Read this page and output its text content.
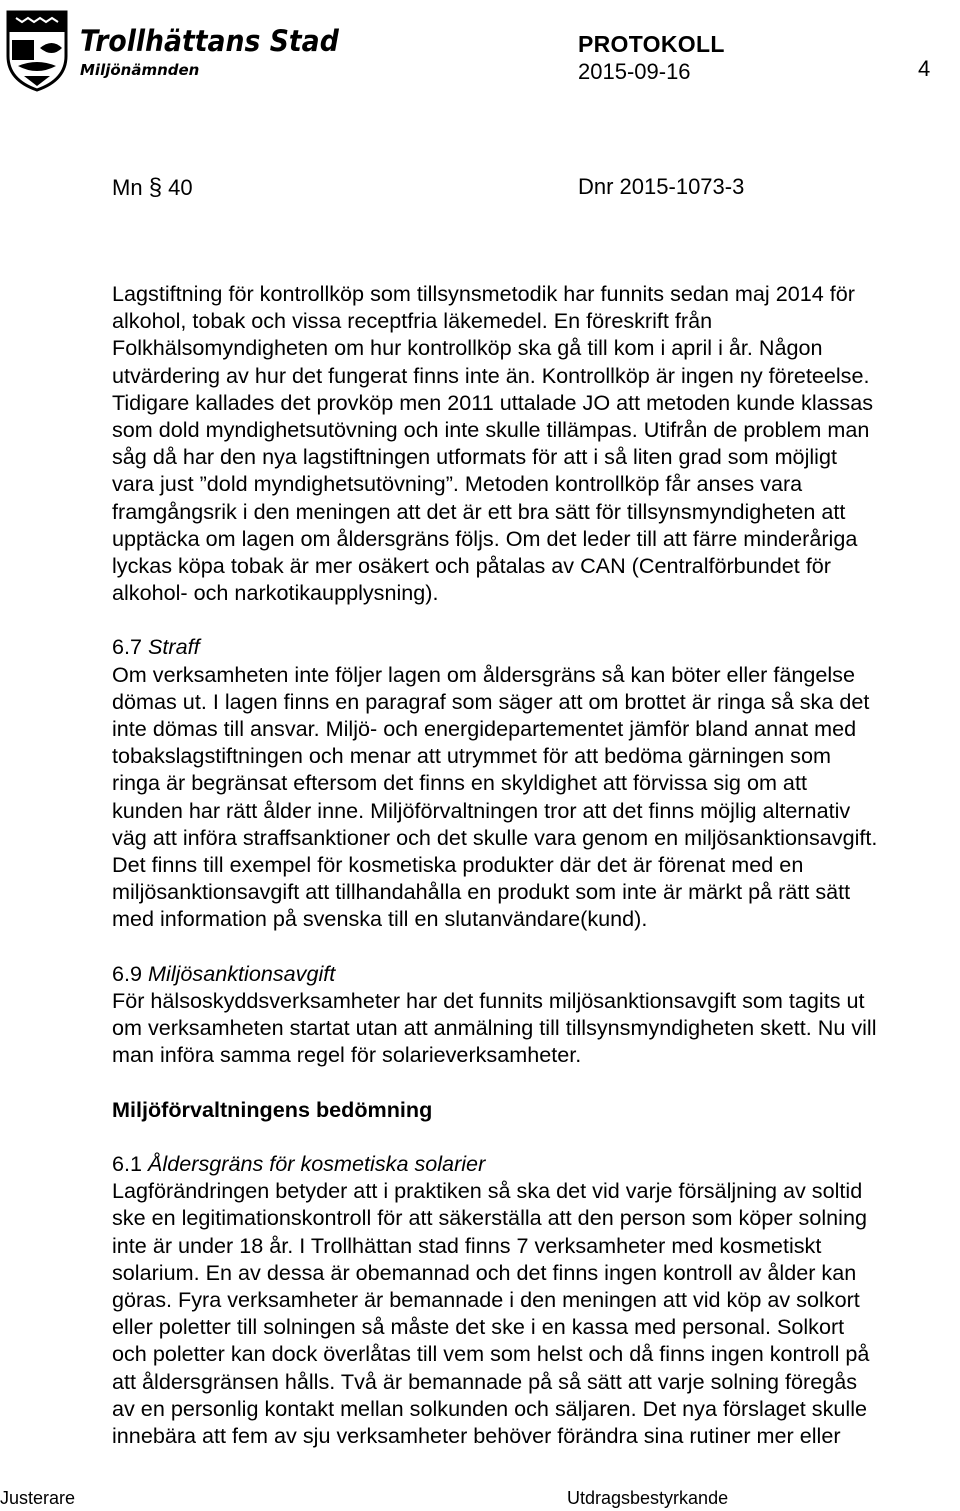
Trollhättans Stad
Miljönämnden
PROTOKOLL
2015-09-16	4
Mn § 40	Dnr 2015-1073-3
Lagstiftning för kontrollköp som tillsynsmetodik har funnits sedan maj 2014 för
alkohol, tobak och vissa receptfria läkemedel. En föreskrift från
Folkhälsomyndigheten om hur kontrollköp ska gå till kom i april i år. Någon
utvärdering av hur det fungerat finns inte än. Kontrollköp är ingen ny företeelse.
Tidigare kallades det provköp men 2011 uttalade JO att metoden kunde klassas
som dold myndighetsutövning och inte skulle tillämpas. Utifrån de problem man
såg då har den nya lagstiftningen utformats för att i så liten grad som möjligt
vara just ”dold myndighetsutövning”. Metoden kontrollköp får anses vara
framgångsrik i den meningen att det är ett bra sätt för tillsynsmyndigheten att
upptäcka om lagen om åldersgräns följs. Om det leder till att färre minderåriga
lyckas köpa tobak är mer osäkert och påtalas av CAN (Centralförbundet för
alkohol- och narkotikaupplysning).
6.7 Straff
Om verksamheten inte följer lagen om åldersgräns så kan böter eller fängelse
dömas ut. I lagen finns en paragraf som säger att om brottet är ringa så ska det
inte dömas till ansvar. Miljö- och energidepartementet jämför bland annat med
tobakslagstiftningen och menar att utrymmet för att bedöma gärningen som
ringa är begränsat eftersom det finns en skyldighet att förvissa sig om att
kunden har rätt ålder inne. Miljöförvaltningen tror att det finns möjlig alternativ
väg att införa straffsanktioner och det skulle vara genom en miljösanktionsavgift.
Det finns till exempel för kosmetiska produkter där det är förenat med en
miljösanktionsavgift att tillhandahålla en produkt som inte är märkt på rätt sätt
med information på svenska till en slutanvändare(kund).
6.9 Miljösanktionsavgift
För hälsoskyddsverksamheter har det funnits miljösanktionsavgift som tagits ut
om verksamheten startat utan att anmälning till tillsynsmyndigheten skett. Nu vill
man införa samma regel för solarieverksamheter.
Miljöförvaltningens bedömning
6.1 Åldersgräns för kosmetiska solarier
Lagförändringen betyder att i praktiken så ska det vid varje försäljning av soltid
ske en legitimationskontroll för att säkerställa att den person som köper solning
inte är under 18 år. I Trollhättan stad finns 7 verksamheter med kosmetiskt
solarium. En av dessa är obemannad och det finns ingen kontroll av ålder kan
göras. Fyra verksamheter är bemannade i den meningen att vid köp av solkort
eller poletter till solningen så måste det ske i en kassa med personal. Solkort
och poletter kan dock överlåtas till vem som helst och då finns ingen kontroll på
att åldersgränsen hålls. Två är bemannade på så sätt att varje solning föregås
av en personlig kontakt mellan solkunden och säljaren. Det nya förslaget skulle
innebära att fem av sju verksamheter behöver förändra sina rutiner mer eller
Justerare	Utdragsbestyrkande
